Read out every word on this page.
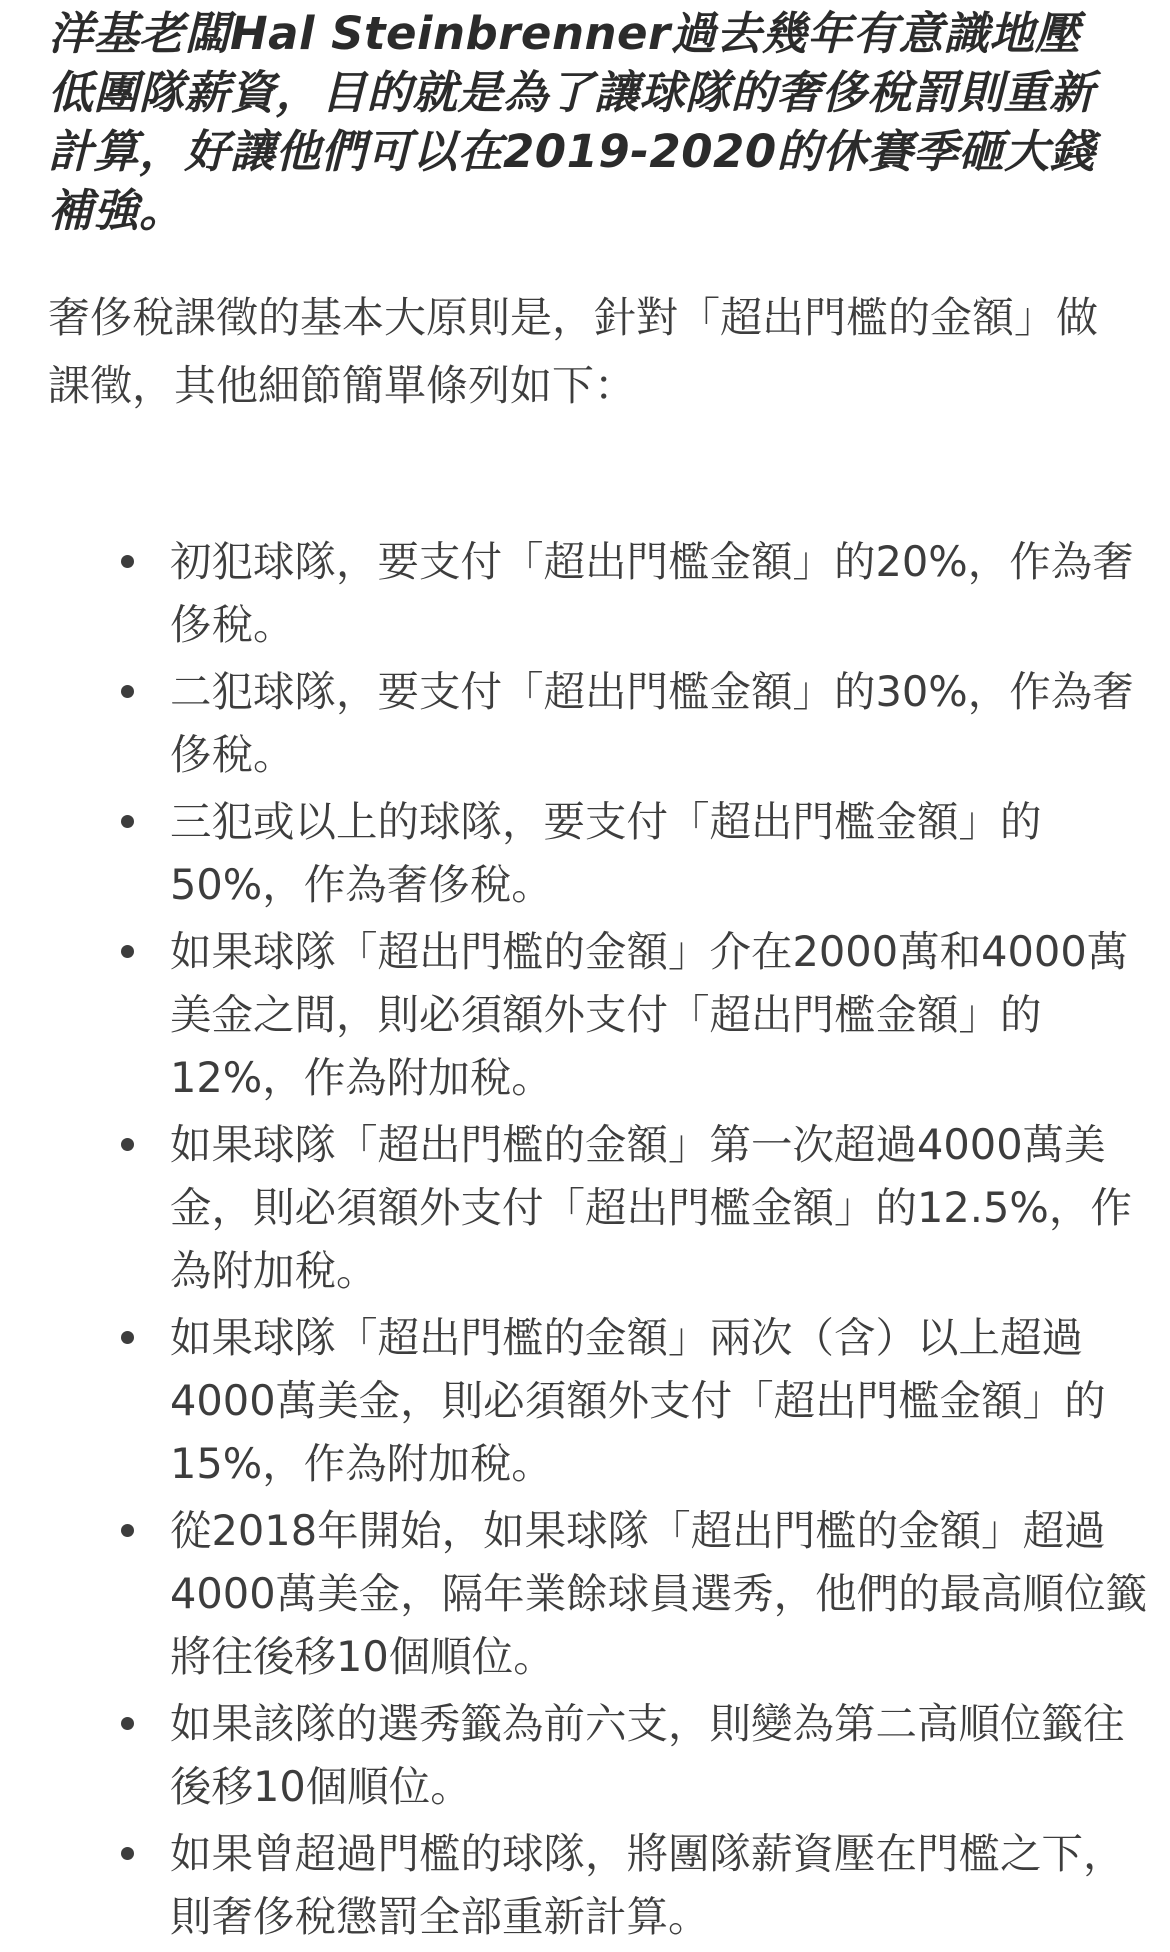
洋基老闆Hal Steinbrenner過去幾年有意識地壓低團隊薪資，目的就是為了讓球隊的奢侈稅罰則重新計算，好讓他們可以在2019-2020的休賽季砸大錢補強。

奢侈稅課徵的基本大原則是，針對「超出門檻的金額」做課徵，其他細節簡單條列如下：

初犯球隊，要支付「超出門檻金額」的20%，作為奢侈稅。
二犯球隊，要支付「超出門檻金額」的30%，作為奢侈稅。
三犯或以上的球隊，要支付「超出門檻金額」的50%，作為奢侈稅。
如果球隊「超出門檻的金額」介在2000萬和4000萬美金之間，則必須額外支付「超出門檻金額」的12%，作為附加稅。
如果球隊「超出門檻的金額」第一次超過4000萬美金，則必須額外支付「超出門檻金額」的12.5%，作為附加稅。
如果球隊「超出門檻的金額」兩次（含）以上超過4000萬美金，則必須額外支付「超出門檻金額」的15%，作為附加稅。
從2018年開始，如果球隊「超出門檻的金額」超過4000萬美金，隔年業餘球員選秀，他們的最高順位籤將往後移10個順位。
如果該隊的選秀籤為前六支，則變為第二高順位籤往後移10個順位。
如果曾超過門檻的球隊，將團隊薪資壓在門檻之下，則奢侈稅懲罰全部重新計算。
